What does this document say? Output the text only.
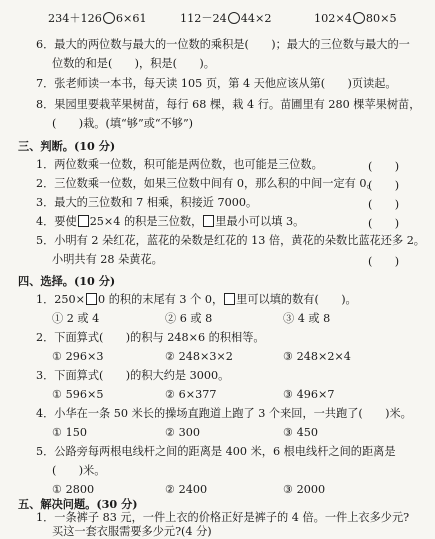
234＋126 6×61	112－24 44×2	102×4 80×5
6．最大的两位数与最大的一位数的乘积是(　　)；最大的三位数与最大的一
位数的和是(　　)，积是(　　)。
7．张老师读一本书，每天读 105 页，第 4 天他应该从第(　　)页读起。
8．果园里要栽苹果树苗，每行 68 棵，栽 4 行。苗圃里有 280 棵苹果树苗，
(　　)栽。(填“够”或“不够”)
三、判断。(10 分)
1．两位数乘一位数，积可能是两位数，也可能是三位数。	(　　)
2．三位数乘一位数，如果三位数中间有 0，那么积的中间一定有 0。
(　　)
3．最大的三位数和 7 相乘，积接近 7000。	(　　)
4．要使 25×4 的积是三位数， 里最小可以填 3。	(　　)
5．小明有 2 朵红花，蓝花的朵数是红花的 13 倍，黄花的朵数比蓝花还多 2。
小明共有 28 朵黄花。	(　　)
四、选择。(10 分)
1．250× 0 的积的末尾有 3 个 0， 里可以填的数有(　　)。
① 2 或 4	② 6 或 8	③ 4 或 8
2．下面算式(　　)的积与 248×6 的积相等。
① 296×3	② 248×3×2	③ 248×2×4
3．下面算式(　　)的积大约是 3000。
① 596×5	② 6×377	③ 496×7
4．小华在一条 50 米长的操场直跑道上跑了 3 个来回，一共跑了(　　)米。
① 150	② 300	③ 450
5．公路旁每两根电线杆之间的距离是 400 米，6 根电线杆之间的距离是
(　　)米。
① 2800	② 2400	③ 2000
五、解决问题。(30 分)
1．一条裤子 83 元，一件上衣的价格正好是裤子的 4 倍。一件上衣多少元?
买这一套衣服需要多少元?(4 分)
